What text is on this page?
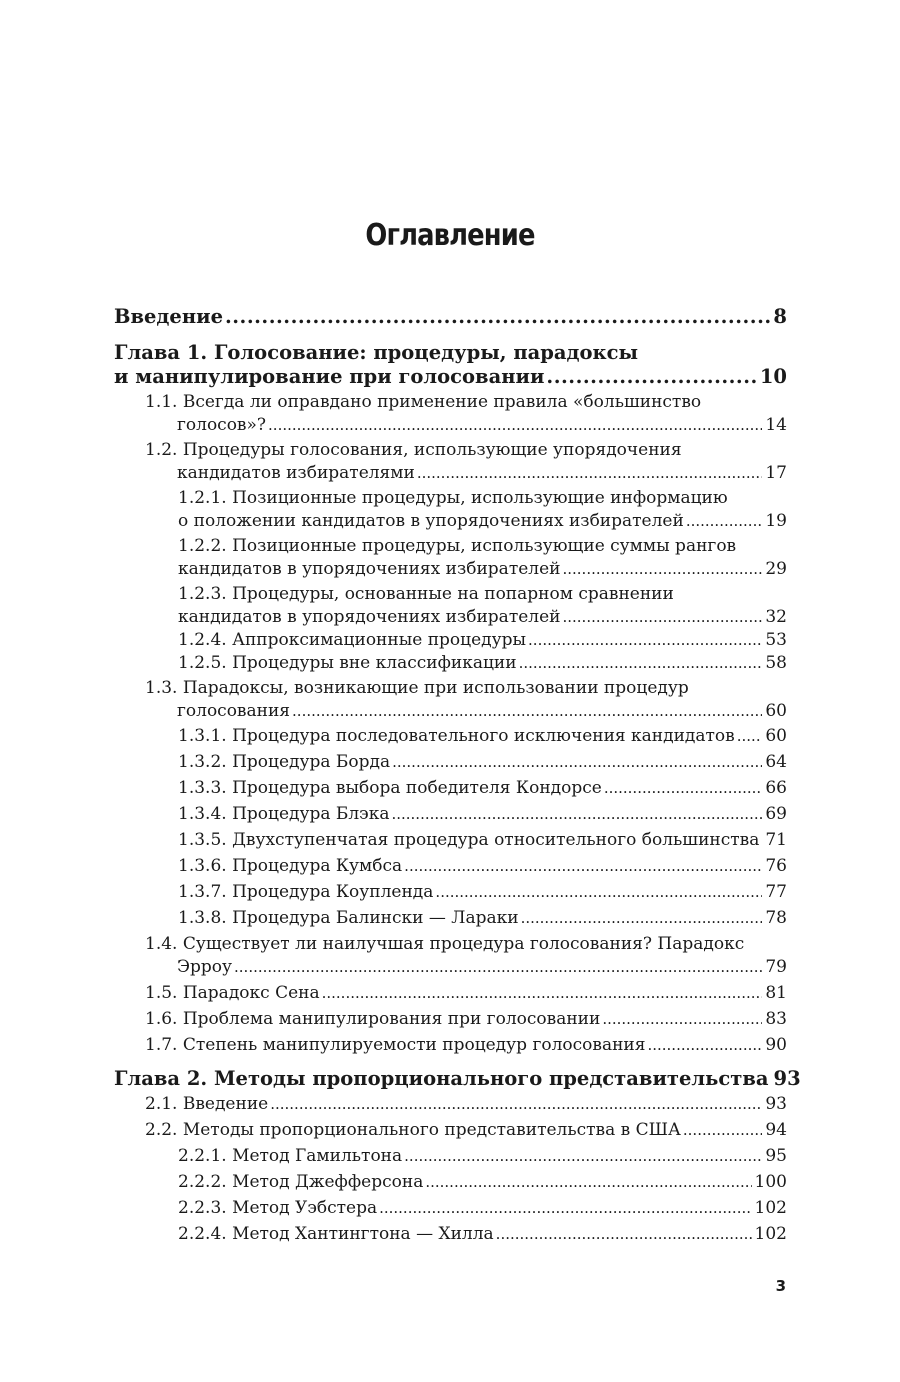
Оглавление
Введение .....	8
Глава 1. Голосование: процедуры, парадоксы
и манипулирование при голосовании .....	10
1.1. Всегда ли оправдано применение правила «большинство
голосов»? .....	14
1.2. Процедуры голосования, использующие упорядочения
кандидатов избирателями .....	17
1.2.1. Позиционные процедуры, использующие информацию
о положении кандидатов в упорядочениях избирателей .....	19
1.2.2. Позиционные процедуры, использующие суммы рангов
кандидатов в упорядочениях избирателей .....	29
1.2.3. Процедуры, основанные на попарном сравнении
кандидатов в упорядочениях избирателей .....	32
1.2.4. Аппроксимационные процедуры .....	53
1.2.5. Процедуры вне классификации .....	58
1.3. Парадоксы, возникающие при использовании процедур
голосования .....	60
1.3.1. Процедура последовательного исключения кандидатов ..... 60
1.3.2. Процедура Борда .....	64
1.3.3. Процедура выбора победителя Кондорсе .....	66
1.3.4. Процедура Блэка .....	69
1.3.5. Двухступенчатая процедура относительного большинства ..... 71
1.3.6. Процедура Кумбса .....	76
1.3.7. Процедура Коупленда .....	77
1.3.8. Процедура Балински — Лараки .....	78
1.4. Существует ли наилучшая процедура голосования? Парадокс
Эрроу .....	79
1.5. Парадокс Сена .....	81
1.6. Проблема манипулирования при голосовании .....	83
1.7. Степень манипулируемости процедур голосования .....	90
Глава 2. Методы пропорционального представительства 93
2.1. Введение .....	93
2.2. Методы пропорционального представительства в США .....	94
2.2.1. Метод Гамильтона .....	95
2.2.2. Метод Джефферсона .....	100
2.2.3. Метод Уэбстера .....	102
2.2.4. Метод Хантингтона — Хилла .....	102
3
